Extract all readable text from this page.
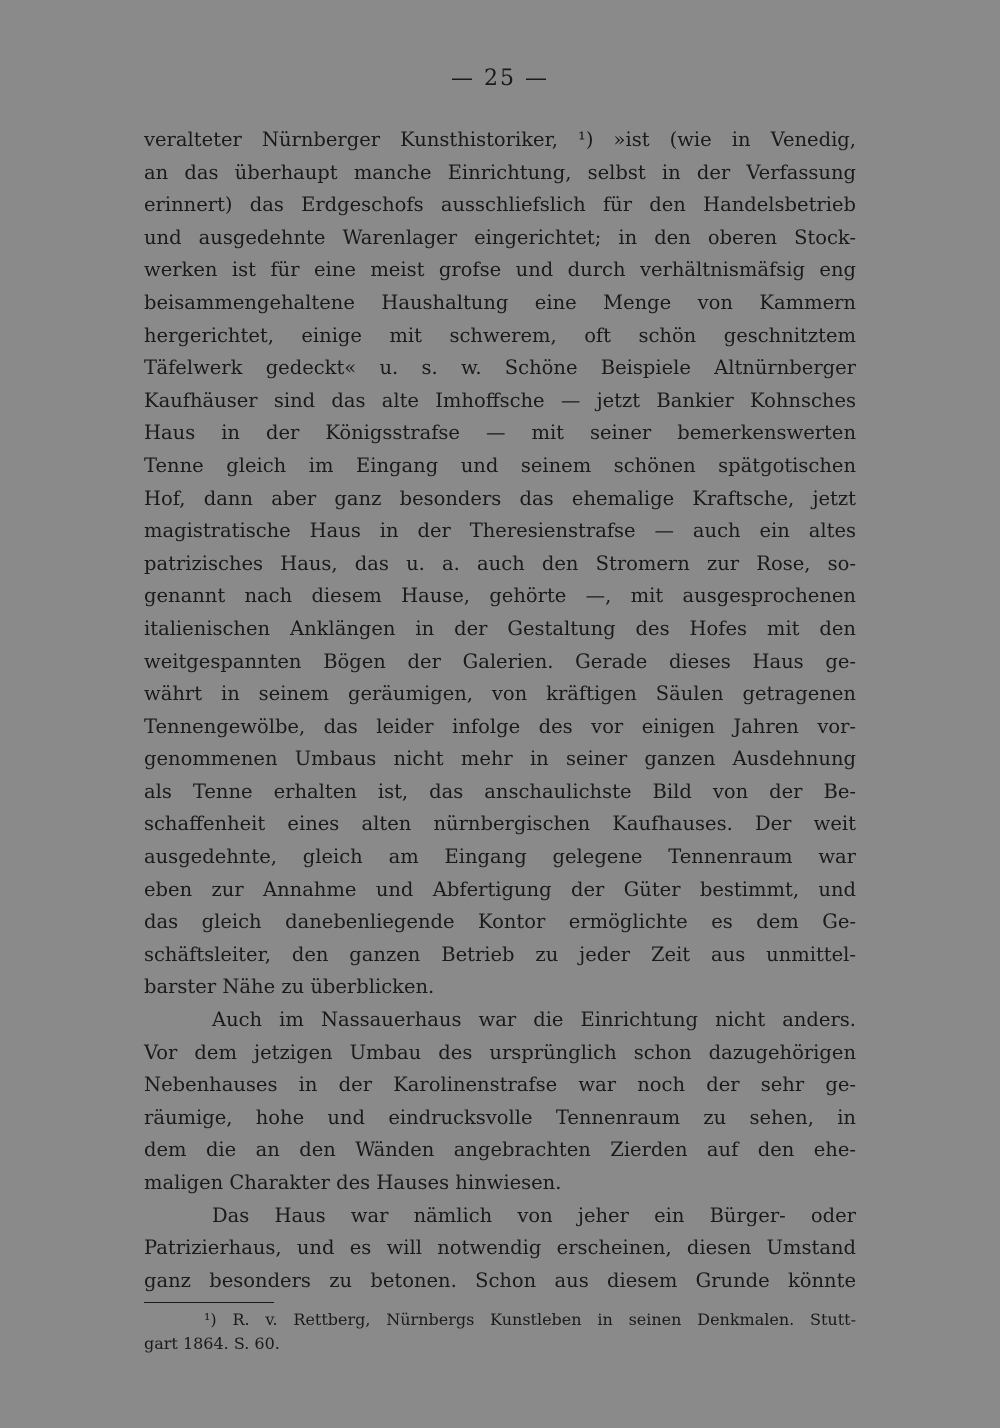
— 25 —
veralteter Nürnberger Kunsthistoriker, ¹) »ist (wie in Venedig,
an das überhaupt manche Einrichtung, selbst in der Verfassung
erinnert) das Erdgeschofs ausschliefslich für den Handelsbetrieb
und ausgedehnte Warenlager eingerichtet; in den oberen Stock-
werken ist für eine meist grofse und durch verhältnismäfsig eng
beisammengehaltene Haushaltung eine Menge von Kammern
hergerichtet, einige mit schwerem, oft schön geschnitztem
Täfelwerk gedeckt« u. s. w. Schöne Beispiele Altnürnberger
Kaufhäuser sind das alte Imhoffsche — jetzt Bankier Kohnsches
Haus in der Königsstrafse — mit seiner bemerkenswerten
Tenne gleich im Eingang und seinem schönen spätgotischen
Hof, dann aber ganz besonders das ehemalige Kraftsche, jetzt
magistratische Haus in der Theresienstrafse — auch ein altes
patrizisches Haus, das u. a. auch den Stromern zur Rose, so-
genannt nach diesem Hause, gehörte —, mit ausgesprochenen
italienischen Anklängen in der Gestaltung des Hofes mit den
weitgespannten Bögen der Galerien. Gerade dieses Haus ge-
währt in seinem geräumigen, von kräftigen Säulen getragenen
Tennengewölbe, das leider infolge des vor einigen Jahren vor-
genommenen Umbaus nicht mehr in seiner ganzen Ausdehnung
als Tenne erhalten ist, das anschaulichste Bild von der Be-
schaffenheit eines alten nürnbergischen Kaufhauses. Der weit
ausgedehnte, gleich am Eingang gelegene Tennenraum war
eben zur Annahme und Abfertigung der Güter bestimmt, und
das gleich danebenliegende Kontor ermöglichte es dem Ge-
schäftsleiter, den ganzen Betrieb zu jeder Zeit aus unmittel-
barster Nähe zu überblicken.
Auch im Nassauerhaus war die Einrichtung nicht anders.
Vor dem jetzigen Umbau des ursprünglich schon dazugehörigen
Nebenhauses in der Karolinenstrafse war noch der sehr ge-
räumige, hohe und eindrucksvolle Tennenraum zu sehen, in
dem die an den Wänden angebrachten Zierden auf den ehe-
maligen Charakter des Hauses hinwiesen.
Das Haus war nämlich von jeher ein Bürger- oder
Patrizierhaus, und es will notwendig erscheinen, diesen Umstand
ganz besonders zu betonen. Schon aus diesem Grunde könnte
¹) R. v. Rettberg, Nürnbergs Kunstleben in seinen Denkmalen. Stutt-
gart 1864. S. 60.
